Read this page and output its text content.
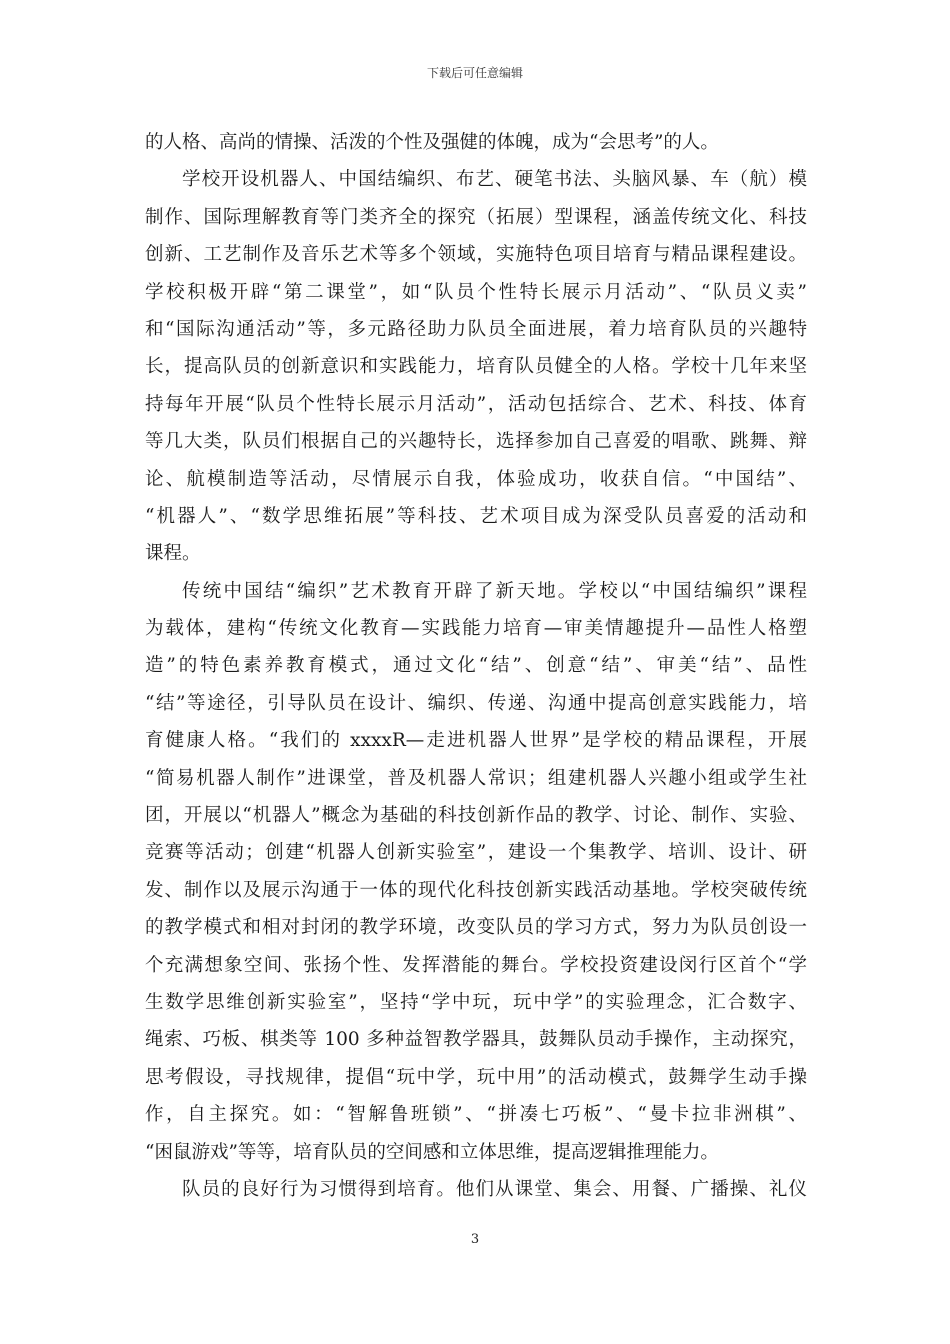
下载后可任意编辑
的人格、高尚的情操、活泼的个性及强健的体魄，成为“会思考”的人。
学校开设机器人、中国结编织、布艺、硬笔书法、头脑风暴、车（航）模
制作、国际理解教育等门类齐全的探究（拓展）型课程，涵盖传统文化、科技
创新、工艺制作及音乐艺术等多个领域，实施特色项目培育与精品课程建设。
学校积极开辟“第二课堂”，如“队员个性特长展示月活动”、“队员义卖”
和“国际沟通活动”等，多元路径助力队员全面进展，着力培育队员的兴趣特
长，提高队员的创新意识和实践能力，培育队员健全的人格。学校十几年来坚
持每年开展“队员个性特长展示月活动”，活动包括综合、艺术、科技、体育
等几大类，队员们根据自己的兴趣特长，选择参加自己喜爱的唱歌、跳舞、辩
论、航模制造等活动，尽情展示自我，体验成功，收获自信。“中国结”、
“机器人”、“数学思维拓展”等科技、艺术项目成为深受队员喜爱的活动和
课程。
传统中国结“编织”艺术教育开辟了新天地。学校以“中国结编织”课程
为载体，建构“传统文化教育—实践能力培育—审美情趣提升—品性人格塑
造”的特色素养教育模式，通过文化“结”、创意“结”、审美“结”、品性
“结”等途径，引导队员在设计、编织、传递、沟通中提高创意实践能力，培
育健康人格。“我们的 xxxxR—走进机器人世界”是学校的精品课程，开展
“简易机器人制作”进课堂，普及机器人常识；组建机器人兴趣小组或学生社
团，开展以“机器人”概念为基础的科技创新作品的教学、讨论、制作、实验、
竞赛等活动；创建“机器人创新实验室”，建设一个集教学、培训、设计、研
发、制作以及展示沟通于一体的现代化科技创新实践活动基地。学校突破传统
的教学模式和相对封闭的教学环境，改变队员的学习方式，努力为队员创设一
个充满想象空间、张扬个性、发挥潜能的舞台。学校投资建设闵行区首个“学
生数学思维创新实验室”，坚持“学中玩，玩中学”的实验理念，汇合数字、
绳索、巧板、棋类等 100 多种益智教学器具，鼓舞队员动手操作，主动探究，
思考假设，寻找规律，提倡“玩中学，玩中用”的活动模式，鼓舞学生动手操
作，自主探究。如：“智解鲁班锁”、“拼凑七巧板”、“曼卡拉非洲棋”、
“困鼠游戏”等等，培育队员的空间感和立体思维，提高逻辑推理能力。
队员的良好行为习惯得到培育。他们从课堂、集会、用餐、广播操、礼仪
3
